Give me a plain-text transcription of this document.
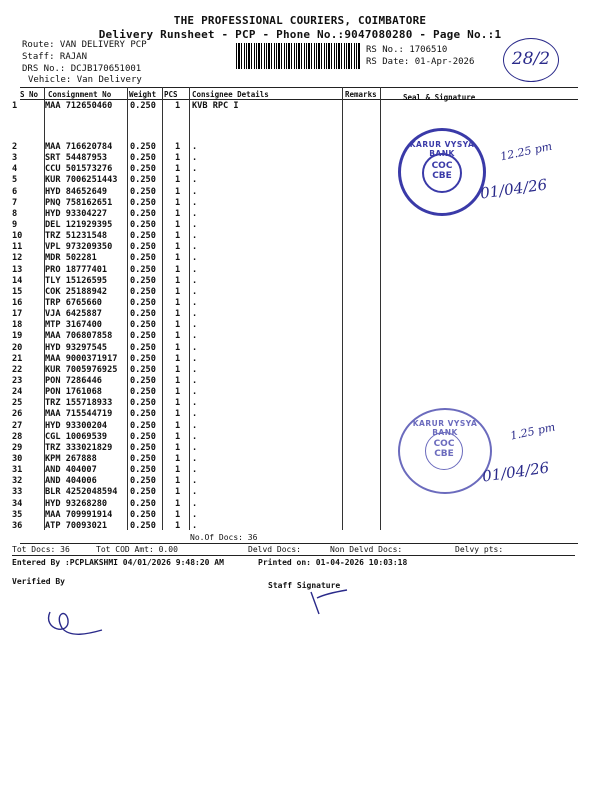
THE PROFESSIONAL COURIERS, COIMBATORE
Delivery Runsheet - PCP - Phone No.:9047080280 - Page No.:1
Route: VAN DELIVERY PCP
Staff: RAJAN
DRS No.: DCJB170651001
Vehicle: Van Delivery
RS No.: 1706510
RS Date: 01-Apr-2026	28/2
S No Consignment No Weight PCS Consignee Details	Remarks	Seal & Signature
1	MAA 712650460 0.250 1 KVB RPC I
2	MAA 716620784 0.250 1 .
3	SRT 54487953	0.250 1 .
4	CCU 501573276 0.250 1 .
5	KUR 7006251443 0.250 1 .
6	HYD 84652649	0.250 1 .
7	PNQ 758162651 0.250 1 .
8	HYD 93304227	0.250 1 .
9	DEL 121929395 0.250 1 .
10	TRZ 51231548	0.250 1 .
11	VPL 973209350 0.250 1 .
12	MDR 502281	0.250 1 .
13	PRO 18777401	0.250 1 .
14	TLY 15126595	0.250 1 .
15	COK 25188942	0.250 1 .
16	TRP 6765660	0.250 1 .
17	VJA 6425887	0.250 1 .
18	MTP 3167400	0.250 1 .
19	MAA 706807858 0.250 1 .
20	HYD 93297545	0.250 1 .
21	MAA 9000371917 0.250 1 .
22	KUR 7005976925 0.250 1 .
23	PON 7286446	0.250 1 .
24	PON 1761068	0.250 1 .
25	TRZ 155718933 0.250 1 .
26	MAA 715544719 0.250 1 .
27	HYD 93300204	0.250 1 .
28	CGL 10069539	0.250 1 .
29	TRZ 333021829 0.250 1 .
30	KPM 267888	0.250 1 .
31	AND 404007	0.250 1 .
32	AND 404006	0.250 1 .
33	BLR 4252048594 0.250 1 .
34	HYD 93268280	0.250 1 .
35	MAA 709991914 0.250 1 .
36	ATP 70093021	0.250 1 .
No.Of Docs: 36
Tot Docs: 36	Tot COD Amt: 0.00	Delvd Docs:	Non Delvd Docs:	Delvy pts:
Entered By :PCPLAKSHMI 04/01/2026 9:48:20 AM	Printed on: 01-04-2026 10:03:18
Verified By	Staff Signature
KARUR VYSYA BANK
COC
CBE
12.25 pm
01/04/26
KARUR VYSYA BANK
COC
CBE
1.25 pm
01/04/26
